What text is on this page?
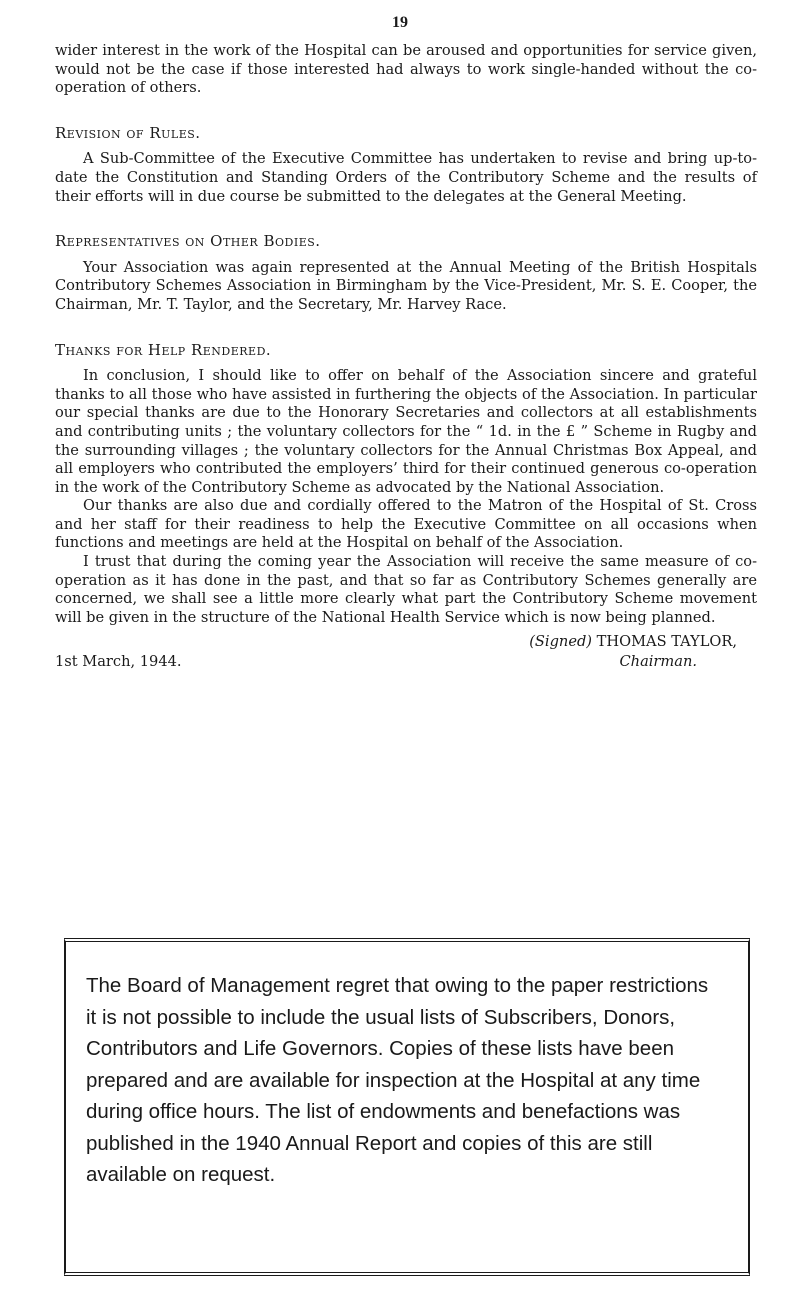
19

wider interest in the work of the Hospital can be aroused and opportunities for service given, would not be the case if those interested had always to work single-handed without the co-operation of others.

Revision of Rules.

A Sub-Committee of the Executive Committee has undertaken to revise and bring up-to-date the Constitution and Standing Orders of the Contributory Scheme and the results of their efforts will in due course be submitted to the delegates at the General Meeting.

Representatives on Other Bodies.

Your Association was again represented at the Annual Meeting of the British Hospitals Contributory Schemes Association in Birmingham by the Vice-President, Mr. S. E. Cooper, the Chairman, Mr. T. Taylor, and the Secretary, Mr. Harvey Race.

Thanks for Help Rendered.

In conclusion, I should like to offer on behalf of the Association sincere and grateful thanks to all those who have assisted in furthering the objects of the Association. In particular our special thanks are due to the Honorary Secretaries and collectors at all establishments and contributing units ; the voluntary collectors for the “ 1d. in the £ ” Scheme in Rugby and the surrounding villages ; the voluntary collectors for the Annual Christmas Box Appeal, and all employers who contributed the employers’ third for their continued generous co-operation in the work of the Contributory Scheme as advocated by the National Association.

Our thanks are also due and cordially offered to the Matron of the Hospital of St. Cross and her staff for their readiness to help the Executive Committee on all occasions when functions and meetings are held at the Hospital on behalf of the Association.

I trust that during the coming year the Association will receive the same measure of co-operation as it has done in the past, and that so far as Contributory Schemes generally are concerned, we shall see a little more clearly what part the Contributory Scheme movement will be given in the structure of the National Health Service which is now being planned.

(Signed) THOMAS TAYLOR,
1st March, 1944.	Chairman.
The Board of Management regret that owing to the paper restrictions it is not possible to include the usual lists of Subscribers, Donors, Contributors and Life Governors. Copies of these lists have been prepared and are available for inspection at the Hospital at any time during office hours. The list of endowments and benefactions was published in the 1940 Annual Report and copies of this are still available on request.
